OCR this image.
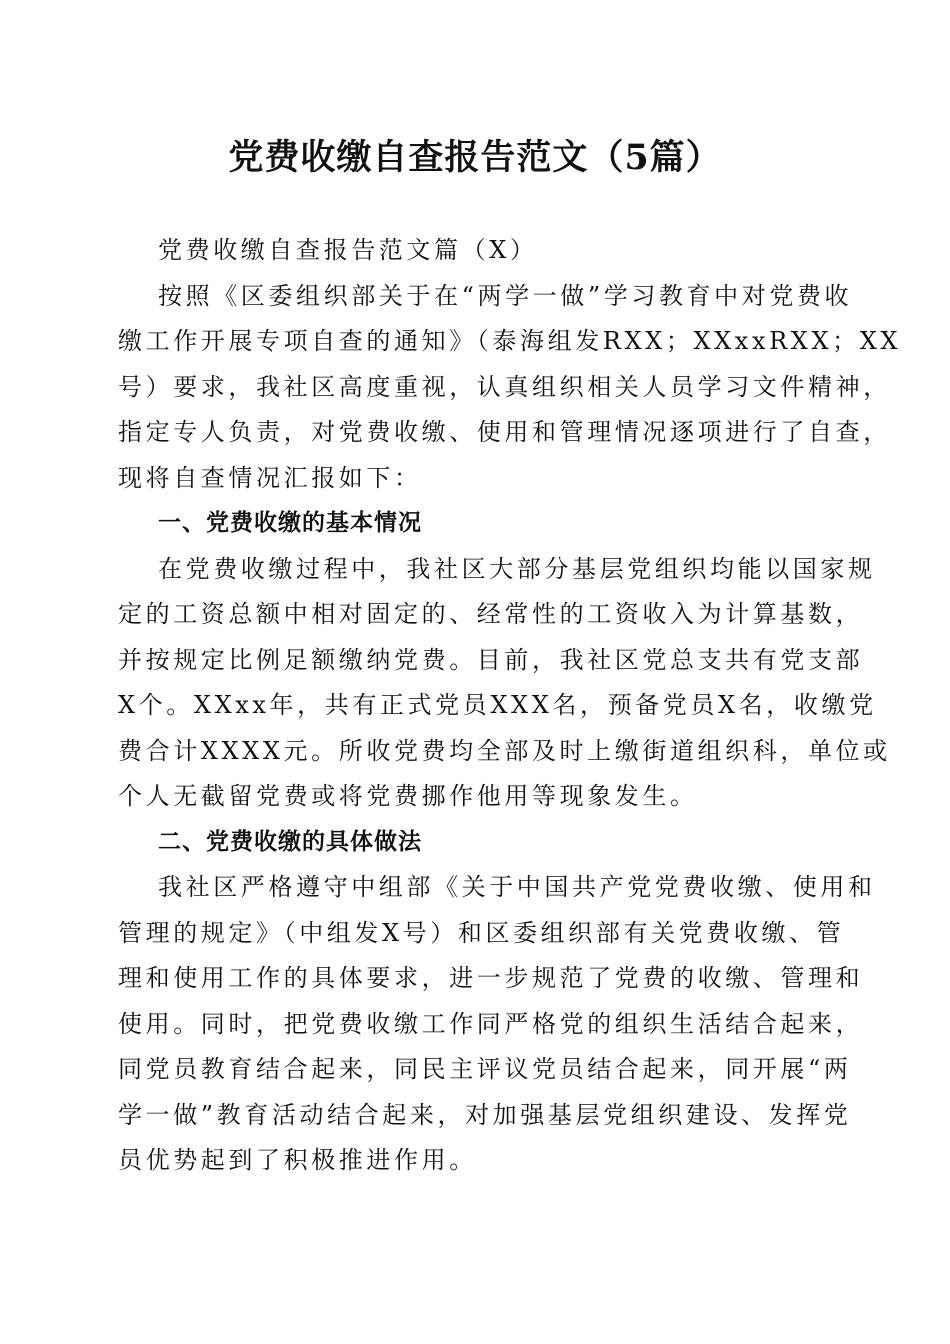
党费收缴自查报告范文（5篇）
党费收缴自查报告范文篇（X）
按照《区委组织部关于在“两学一做”学习教育中对党费收
缴工作开展专项自查的通知》（泰海组发RXX；XXxxRXX；XX
号）要求，我社区高度重视，认真组织相关人员学习文件精神，
指定专人负责，对党费收缴、使用和管理情况逐项进行了自查，
现将自查情况汇报如下：
一、党费收缴的基本情况
在党费收缴过程中，我社区大部分基层党组织均能以国家规
定的工资总额中相对固定的、经常性的工资收入为计算基数，
并按规定比例足额缴纳党费。目前，我社区党总支共有党支部
X个。XXxx年，共有正式党员XXX名，预备党员X名，收缴党
费合计XXXX元。所收党费均全部及时上缴街道组织科，单位或
个人无截留党费或将党费挪作他用等现象发生。
二、党费收缴的具体做法
我社区严格遵守中组部《关于中国共产党党费收缴、使用和
管理的规定》（中组发X号）和区委组织部有关党费收缴、管
理和使用工作的具体要求，进一步规范了党费的收缴、管理和
使用。同时，把党费收缴工作同严格党的组织生活结合起来，
同党员教育结合起来，同民主评议党员结合起来，同开展“两
学一做”教育活动结合起来，对加强基层党组织建设、发挥党
员优势起到了积极推进作用。
